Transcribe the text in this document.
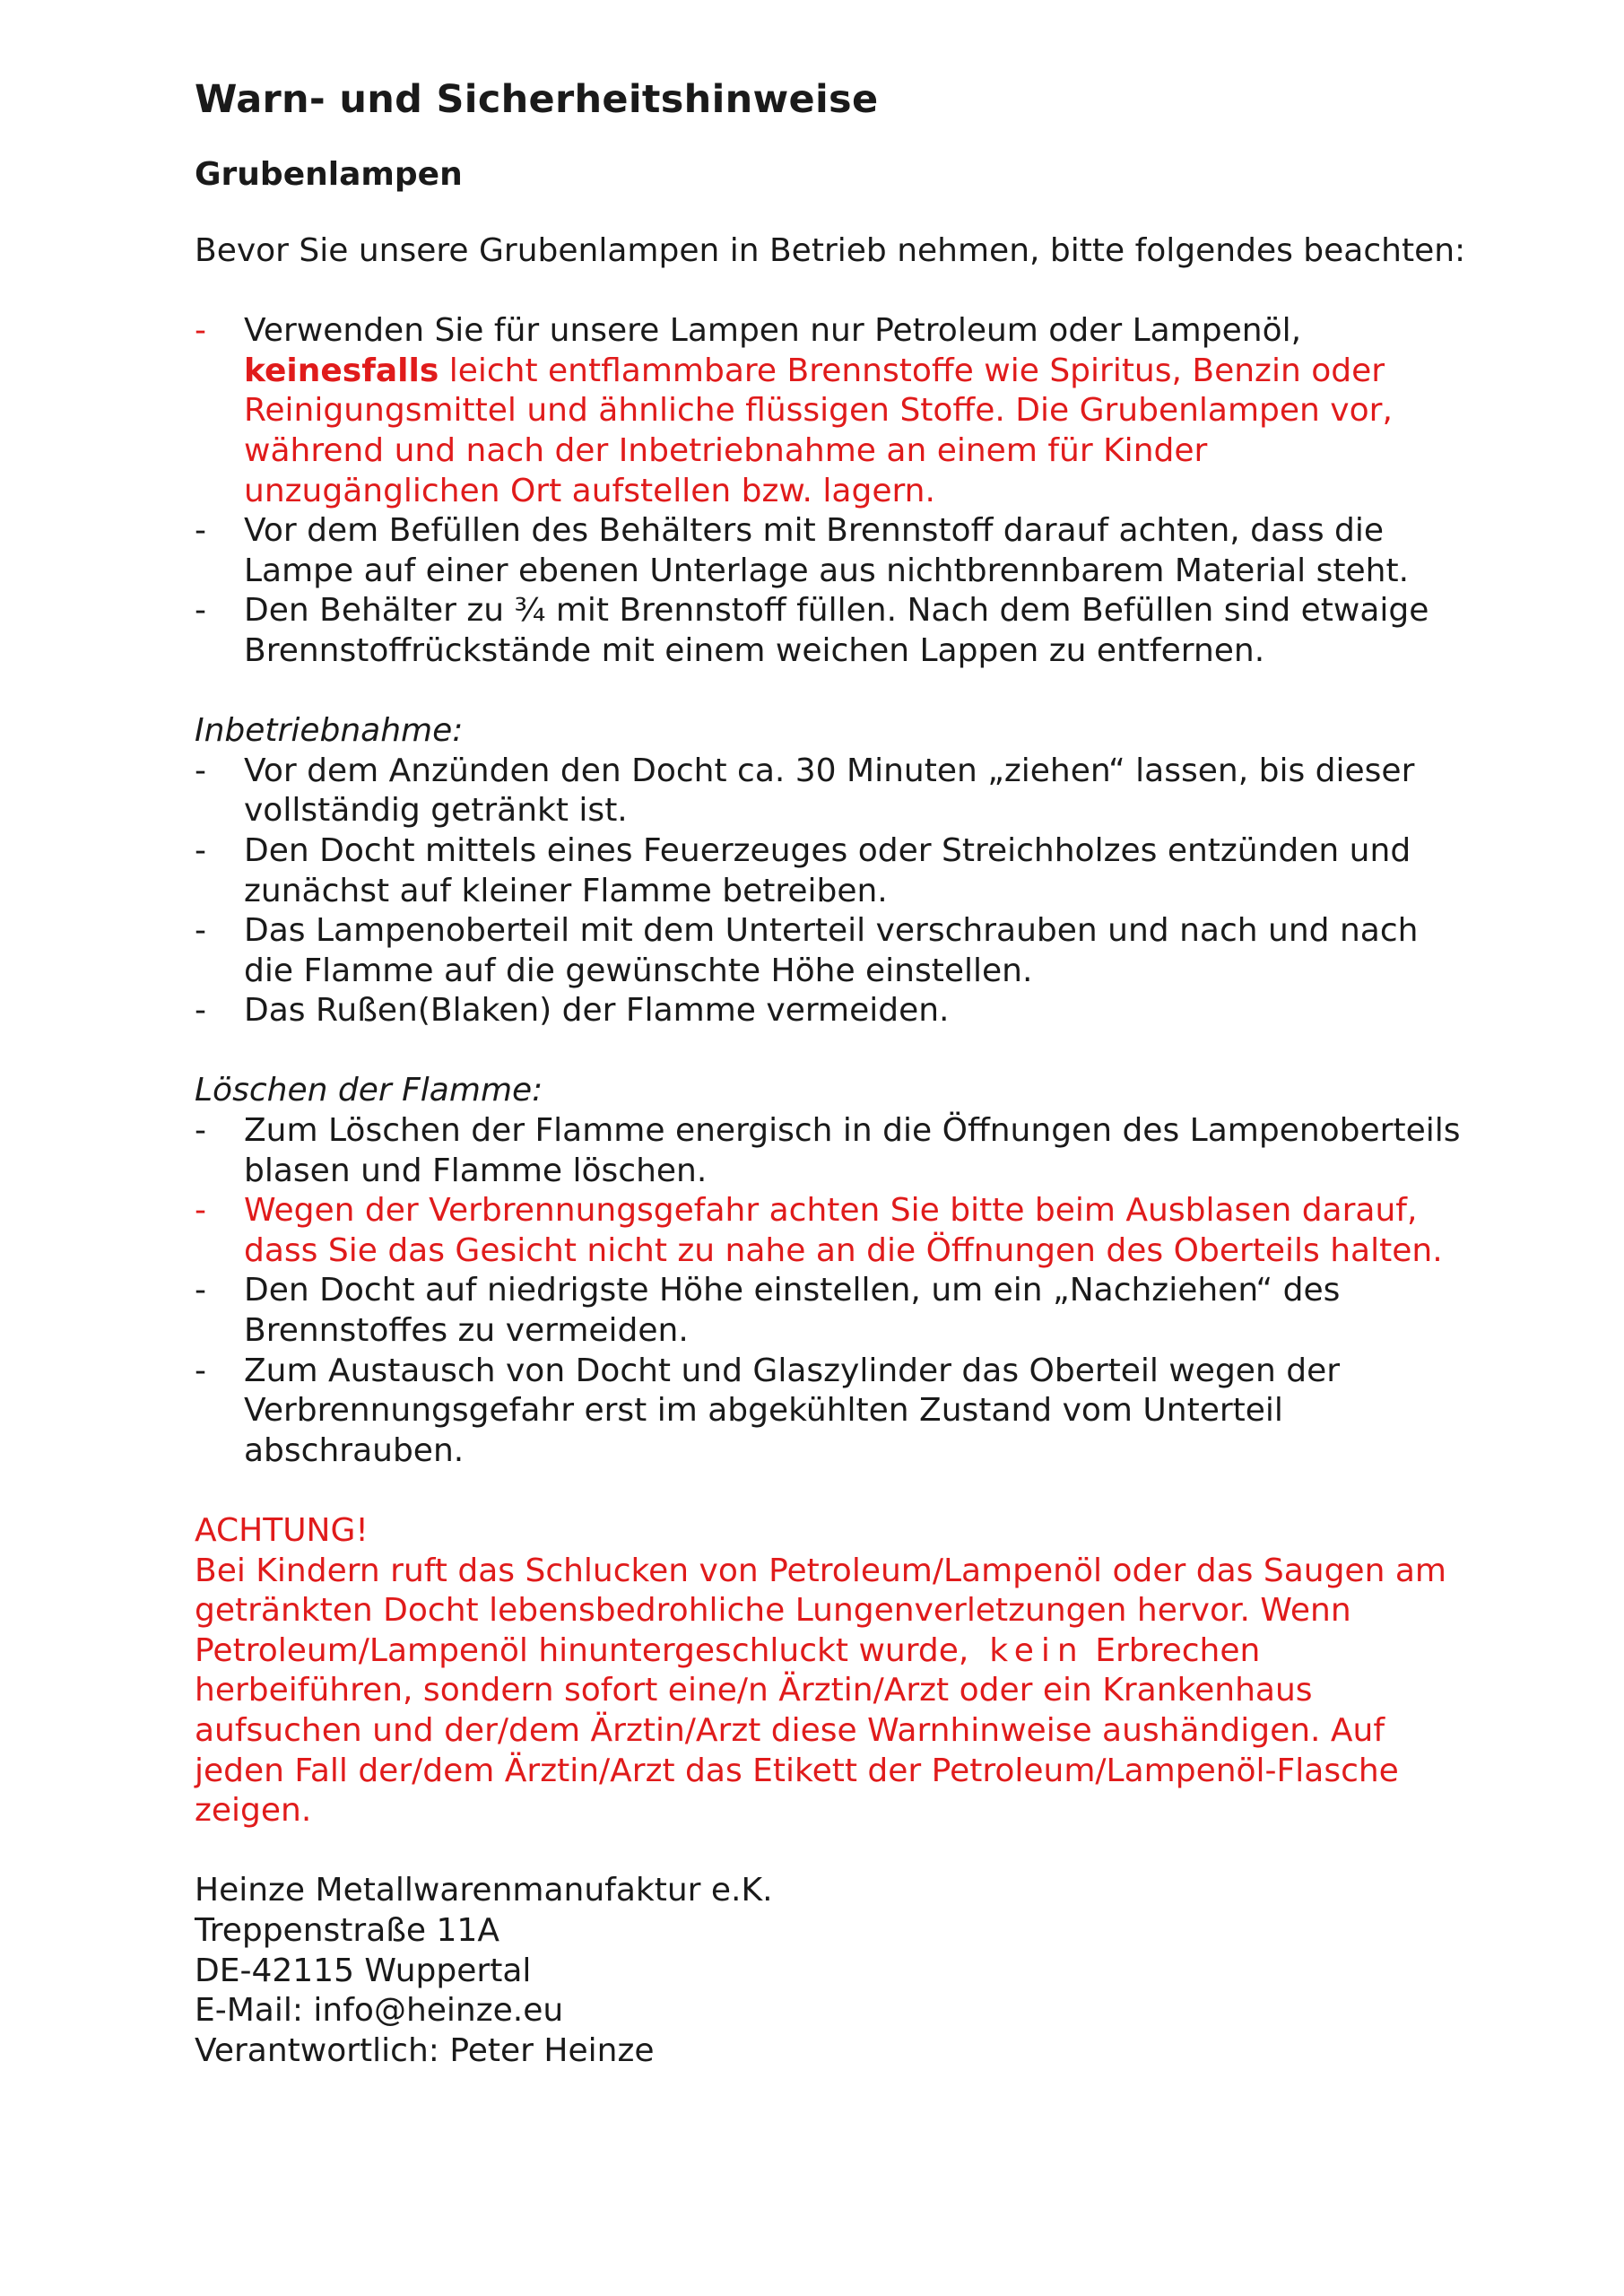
Warn- und Sicherheitshinweise
Grubenlampen

Bevor Sie unsere Grubenlampen in Betrieb nehmen, bitte folgendes beachten:

- Verwenden Sie für unsere Lampen nur Petroleum oder Lampenöl,
keinesfalls leicht entflammbare Brennstoffe wie Spiritus, Benzin oder Reinigungsmittel und ähnliche flüssigen Stoffe. Die Grubenlampen vor, während und nach der Inbetriebnahme an einem für Kinder unzugänglichen Ort aufstellen bzw. lagern.
- Vor dem Befüllen des Behälters mit Brennstoff darauf achten, dass die Lampe auf einer ebenen Unterlage aus nichtbrennbarem Material steht.
- Den Behälter zu ¾ mit Brennstoff füllen. Nach dem Befüllen sind etwaige Brennstoffrückstände mit einem weichen Lappen zu entfernen.

Inbetriebnahme:

- Vor dem Anzünden den Docht ca. 30 Minuten „ziehen“ lassen, bis dieser vollständig getränkt ist.
- Den Docht mittels eines Feuerzeuges oder Streichholzes entzünden und zunächst auf kleiner Flamme betreiben.
- Das Lampenoberteil mit dem Unterteil verschrauben und nach und nach die Flamme auf die gewünschte Höhe einstellen.
- Das Rußen(Blaken) der Flamme vermeiden.

Löschen der Flamme:

- Zum Löschen der Flamme energisch in die Öffnungen des Lampenoberteils blasen und Flamme löschen.
- Wegen der Verbrennungsgefahr achten Sie bitte beim Ausblasen darauf, dass Sie das Gesicht nicht zu nahe an die Öffnungen des Oberteils halten.
- Den Docht auf niedrigste Höhe einstellen, um ein „Nachziehen“ des Brennstoffes zu vermeiden.
- Zum Austausch von Docht und Glaszylinder das Oberteil wegen der Verbrennungsgefahr erst im abgekühlten Zustand vom Unterteil abschrauben.

ACHTUNG!

Bei Kindern ruft das Schlucken von Petroleum/Lampenöl oder das Saugen am getränkten Docht lebensbedrohliche Lungenverletzungen hervor. Wenn Petroleum/Lampenöl hinuntergeschluckt wurde, kein Erbrechen herbeiführen, sondern sofort eine/n Ärztin/Arzt oder ein Krankenhaus aufsuchen und der/dem Ärztin/Arzt diese Warnhinweise aushändigen. Auf jeden Fall der/dem Ärztin/Arzt das Etikett der Petroleum/Lampenöl-Flasche zeigen.

Heinze Metallwarenmanufaktur e.K.

Treppenstraße 11A

DE-42115 Wuppertal

E-Mail: info@heinze.eu

Verantwortlich: Peter Heinze
